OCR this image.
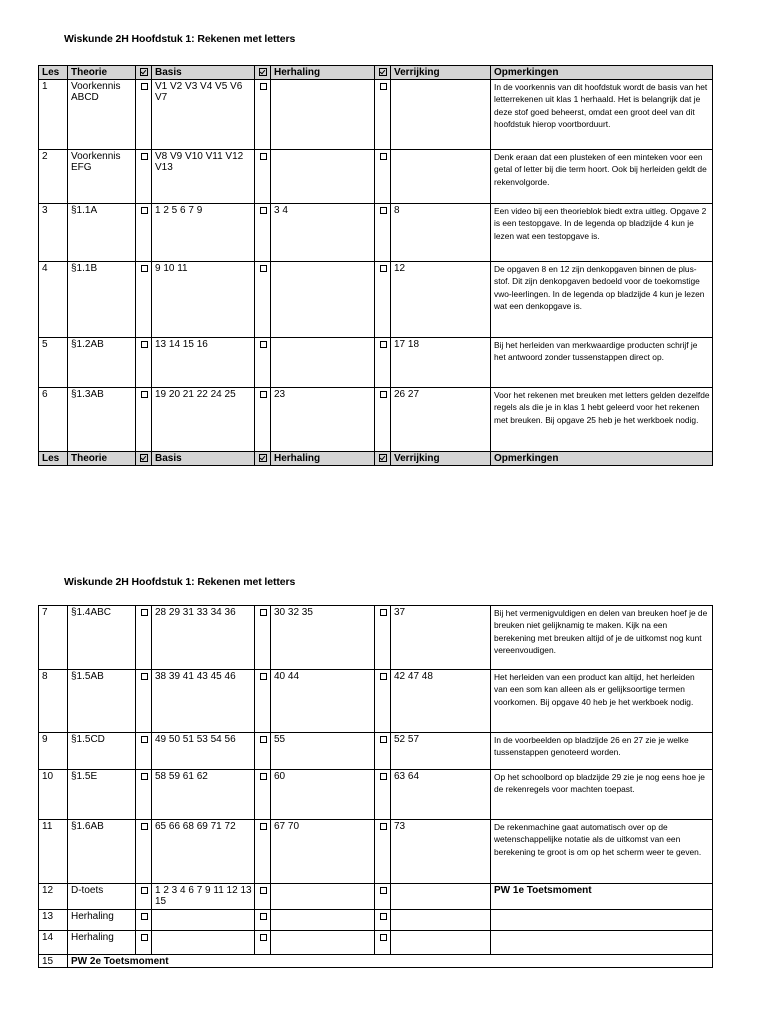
Wiskunde 2H Hoofdstuk 1: Rekenen met letters
Les	Theorie		Basis		Herhaling		Verrijking	Opmerkingen
1	Voorkennis ABCD		V1 V2 V3 V4 V5 V6 V7					In de voorkennis van dit hoofdstuk wordt de basis van het letterrekenen uit klas 1 herhaald. Het is belangrijk dat je deze stof goed beheerst, omdat een groot deel van dit hoofdstuk hierop voortborduurt.
2	Voorkennis EFG		V8 V9 V10 V11 V12 V13					Denk eraan dat een plusteken of een minteken voor een getal of letter bij die term hoort. Ook bij herleiden geldt de rekenvolgorde.
3	§1.1A		1 2 5 6 7 9		3 4		8	Een video bij een theorieblok biedt extra uitleg. Opgave 2 is een testopgave. In de legenda op bladzijde 4 kun je lezen wat een testopgave is.
4	§1.1B		9 10 11				12	De opgaven 8 en 12 zijn denkopgaven binnen de plus-stof. Dit zijn denkopgaven bedoeld voor de toekomstige vwo-leerlingen. In de legenda op bladzijde 4 kun je lezen wat een denkopgave is.
5	§1.2AB		13 14 15 16				17 18	Bij het herleiden van merkwaardige producten schrijf je het antwoord zonder tussenstappen direct op.
6	§1.3AB		19 20 21 22 24 25		23		26 27	Voor het rekenen met breuken met letters gelden dezelfde regels als die je in klas 1 hebt geleerd voor het rekenen met breuken. Bij opgave 25 heb je het werkboek nodig.
Les	Theorie		Basis		Herhaling		Verrijking	Opmerkingen
Wiskunde 2H Hoofdstuk 1: Rekenen met letters
7	§1.4ABC		28 29 31 33 34 36		30 32 35		37	Bij het vermenigvuldigen en delen van breuken hoef je de breuken niet gelijknamig te maken. Kijk na een berekening met breuken altijd of je de uitkomst nog kunt vereenvoudigen.
8	§1.5AB		38 39 41 43 45 46		40 44		42 47 48	Het herleiden van een product kan altijd, het herleiden van een som kan alleen als er gelijksoortige termen voorkomen. Bij opgave 40 heb je het werkboek nodig.
9	§1.5CD		49 50 51 53 54 56		55		52 57	In de voorbeelden op bladzijde 26 en 27 zie je welke tussenstappen genoteerd worden.
10	§1.5E		58 59 61 62		60		63 64	Op het schoolbord op bladzijde 29 zie je nog eens hoe je de rekenregels voor machten toepast.
11	§1.6AB		65 66 68 69 71 72		67 70		73	De rekenmachine gaat automatisch over op de wetenschappelijke notatie als de uitkomst van een berekening te groot is om op het scherm weer te geven.
12	D-toets		1 2 3 4 6 7 9 11 12 13 15					PW 1e Toetsmoment
13	Herhaling							
14	Herhaling							
15	PW 2e Toetsmoment							
